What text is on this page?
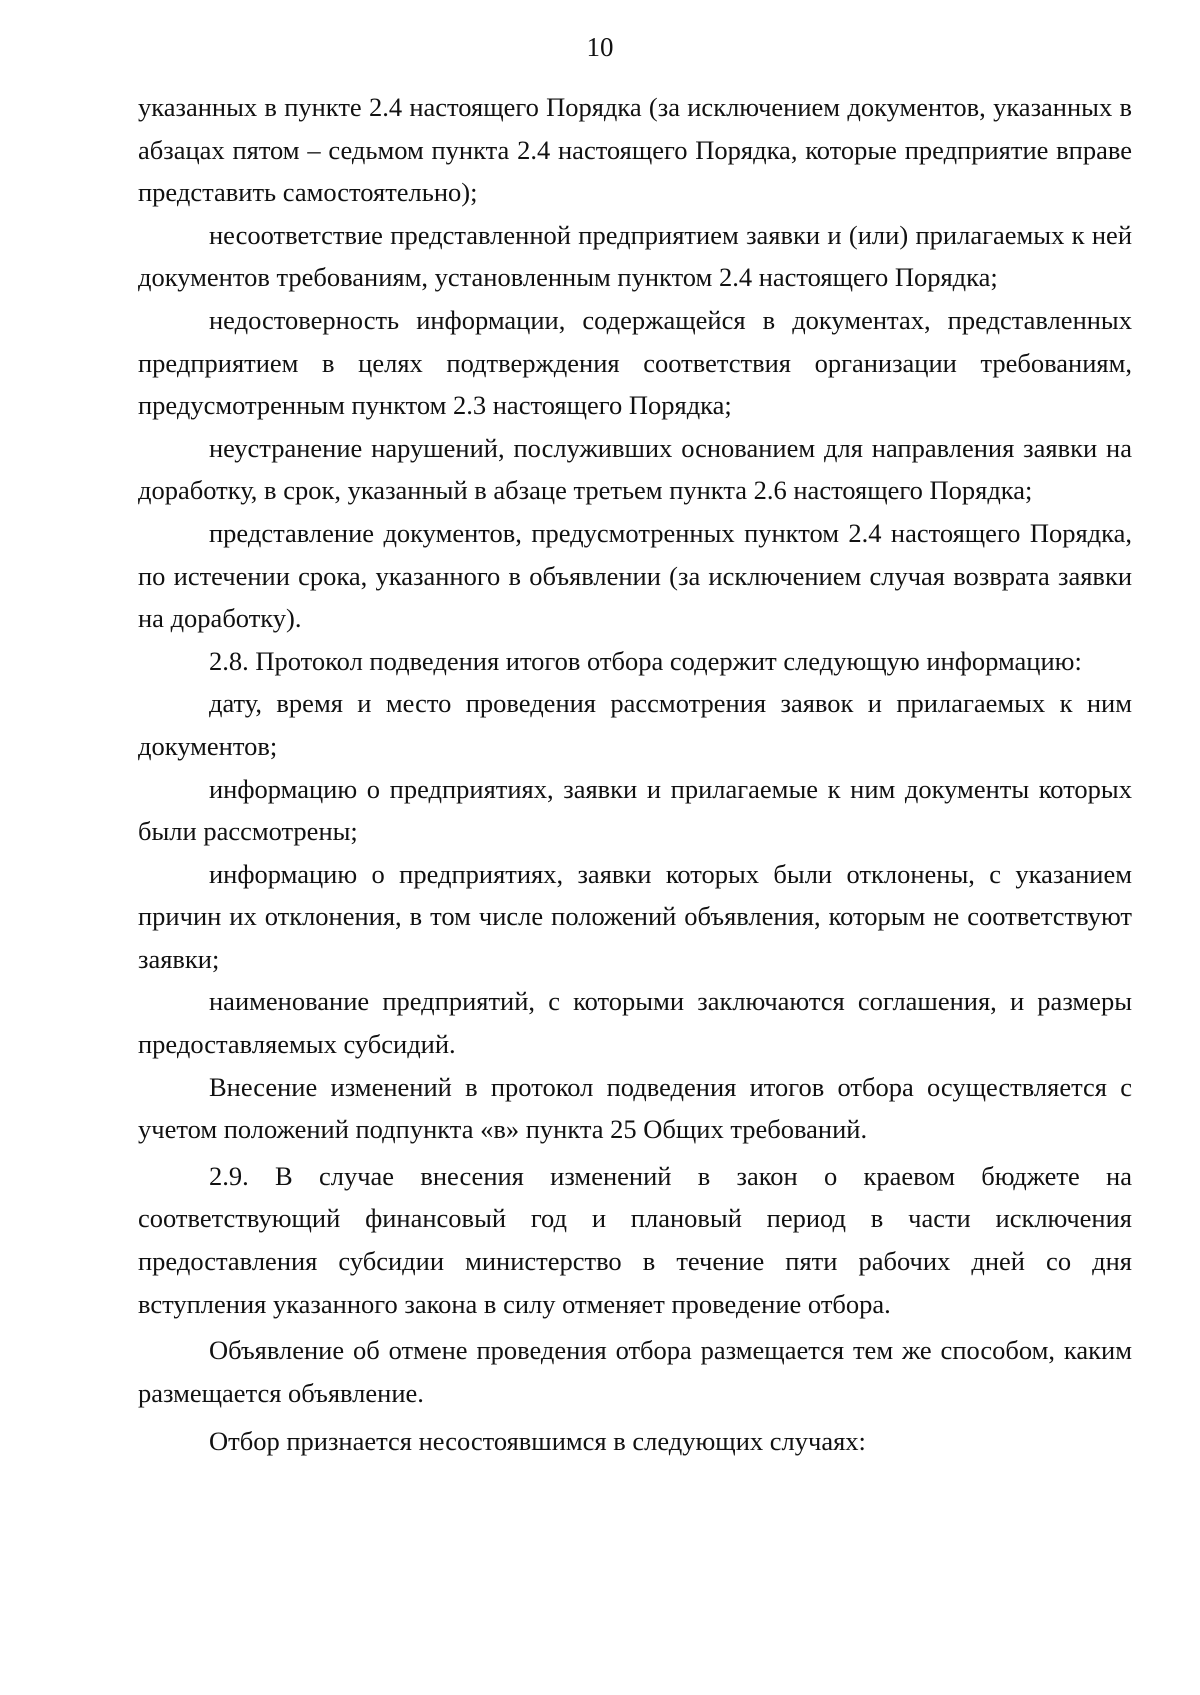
10

указанных в пункте 2.4 настоящего Порядка (за исключением документов, указанных в абзацах пятом – седьмом пункта 2.4 настоящего Порядка, которые предприятие вправе представить самостоятельно);

несоответствие представленной предприятием заявки и (или) прилагаемых к ней документов требованиям, установленным пунктом 2.4 настоящего Порядка;

недостоверность информации, содержащейся в документах, представленных предприятием в целях подтверждения соответствия организации требованиям, предусмотренным пунктом 2.3 настоящего Порядка;

неустранение нарушений, послуживших основанием для направления заявки на доработку, в срок, указанный в абзаце третьем пункта 2.6 настоящего Порядка;

представление документов, предусмотренных пунктом 2.4 настоящего Порядка, по истечении срока, указанного в объявлении (за исключением случая возврата заявки на доработку).

2.8. Протокол подведения итогов отбора содержит следующую информацию:

дату, время и место проведения рассмотрения заявок и прилагаемых к ним документов;

информацию о предприятиях, заявки и прилагаемые к ним документы которых были рассмотрены;

информацию о предприятиях, заявки которых были отклонены, с указанием причин их отклонения, в том числе положений объявления, которым не соответствуют заявки;

наименование предприятий, с которыми заключаются соглашения, и размеры предоставляемых субсидий.

Внесение изменений в протокол подведения итогов отбора осуществляется с учетом положений подпункта «в» пункта 25 Общих требований.

2.9. В случае внесения изменений в закон о краевом бюджете на соответствующий финансовый год и плановый период в части исключения предоставления субсидии министерство в течение пяти рабочих дней со дня вступления указанного закона в силу отменяет проведение отбора.

Объявление об отмене проведения отбора размещается тем же способом, каким размещается объявление.

Отбор признается несостоявшимся в следующих случаях:
